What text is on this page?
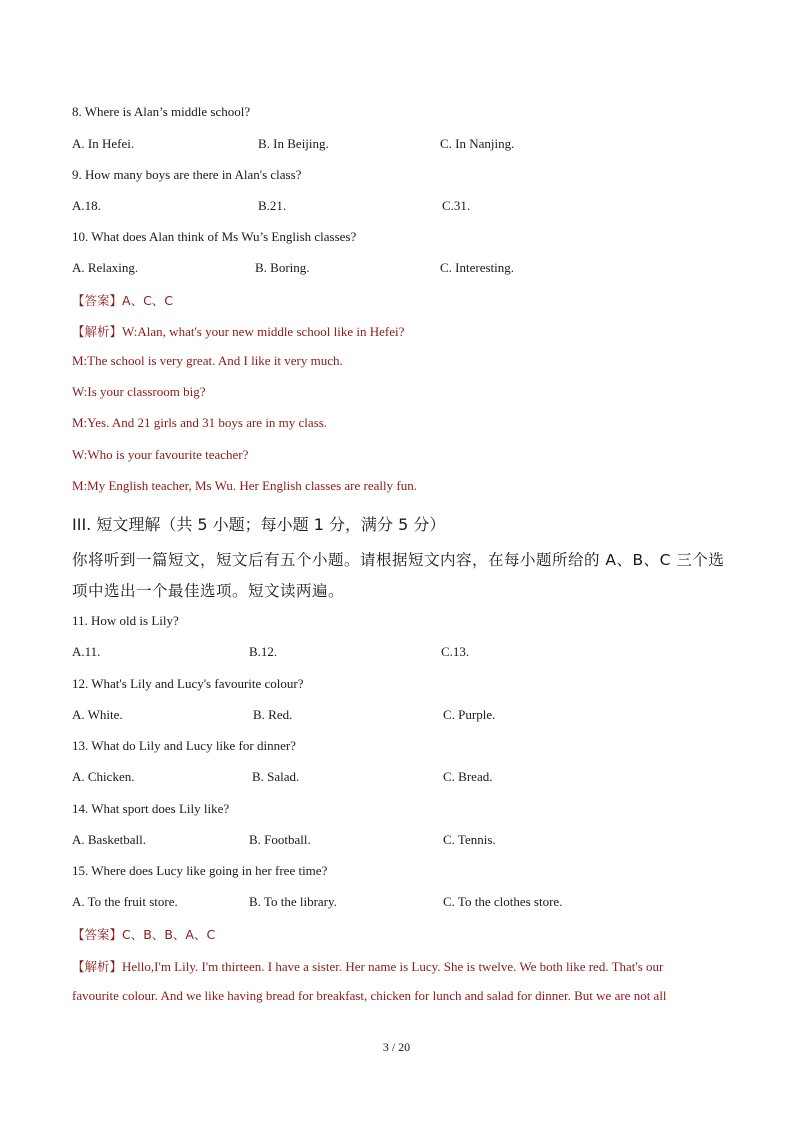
8. Where is Alan’s middle school?
A. In Hefei.	B. In Beijing.	C. In Nanjing.
9. How many boys are there in Alan's class?
A.18.	B.21.	C.31.
10. What does Alan think of Ms Wu’s English classes?
A. Relaxing.	B. Boring.	C. Interesting.
【答案】A、C、C
【解析】W:Alan, what's your new middle school like in Hefei?
M:The school is very great. And I like it very much.
W:Is your classroom big?
M:Yes. And 21 girls and 31 boys are in my class.
W:Who is your favourite teacher?
M:My English teacher, Ms Wu. Her English classes are really fun.
III. 短文理解（共 5 小题；每小题 1 分，满分 5 分）
你将听到一篇短文，短文后有五个小题。请根据短文内容，在每小题所给的 A、B、C 三个选
项中选出一个最佳选项。短文读两遍。
11. How old is Lily?
A.11.	B.12.	C.13.
12. What's Lily and Lucy's favourite colour?
A. White.	B. Red.	C. Purple.
13. What do Lily and Lucy like for dinner?
A. Chicken.	B. Salad.	C. Bread.
14. What sport does Lily like?
A. Basketball.	B. Football.	C. Tennis.
15. Where does Lucy like going in her free time?
A. To the fruit store.	B. To the library.	C. To the clothes store.
【答案】C、B、B、A、C
【解析】Hello,I'm Lily. I'm thirteen. I have a sister. Her name is Lucy. She is twelve. We both like red. That's our
favourite colour. And we like having bread for breakfast, chicken for lunch and salad for dinner. But we are not all
3 / 20
